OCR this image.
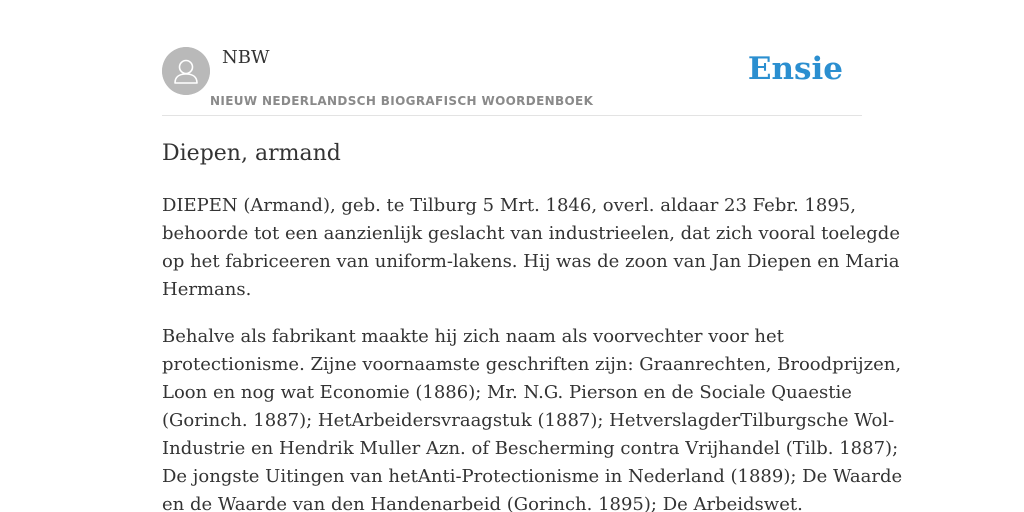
NBW
NIEUW NEDERLANDSCH BIOGRAFISCH WOORDENBOEK
Ensie
Diepen, armand

DIEPEN (Armand), geb. te Tilburg 5 Mrt. 1846, overl. aldaar 23 Febr. 1895,
behoorde tot een aanzienlijk geslacht van industrieelen, dat zich vooral toelegde
op het fabriceeren van uniform-lakens. Hij was de zoon van Jan Diepen en Maria
Hermans.

Behalve als fabrikant maakte hij zich naam als voorvechter voor het
protectionisme. Zijne voornaamste geschriften zijn: Graanrechten, Broodprijzen,
Loon en nog wat Economie (1886); Mr. N.G. Pierson en de Sociale Quaestie
(Gorinch. 1887); HetArbeidersvraagstuk (1887); HetverslagderTilburgsche Wol-
Industrie en Hendrik Muller Azn. of Bescherming contra Vrijhandel (Tilb. 1887);
De jongste Uitingen van hetAnti-Protectionisme in Nederland (1889); De Waarde
en de Waarde van den Handenarbeid (Gorinch. 1895); De Arbeidswet.
